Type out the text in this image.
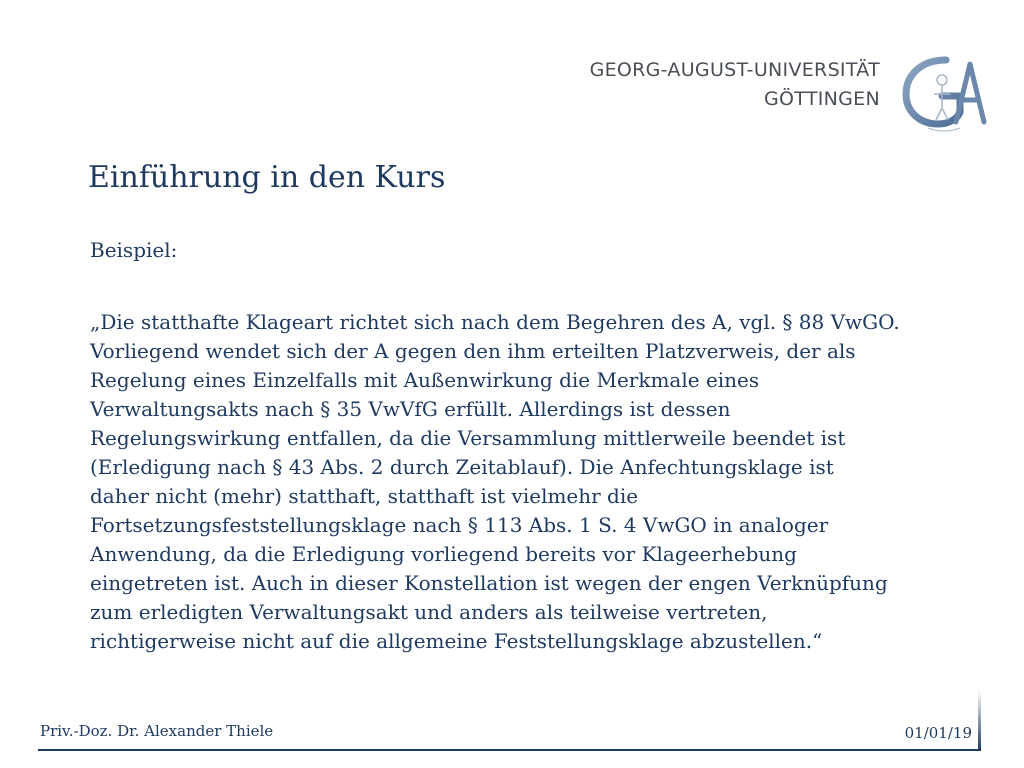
GEORG-AUGUST-UNIVERSITÄT
GÖTTINGEN
Einführung in den Kurs
Beispiel:
„Die statthafte Klageart richtet sich nach dem Begehren des A, vgl. § 88 VwGO.
Vorliegend wendet sich der A gegen den ihm erteilten Platzverweis, der als
Regelung eines Einzelfalls mit Außenwirkung die Merkmale eines
Verwaltungsakts nach § 35 VwVfG erfüllt. Allerdings ist dessen
Regelungswirkung entfallen, da die Versammlung mittlerweile beendet ist
(Erledigung nach § 43 Abs. 2 durch Zeitablauf). Die Anfechtungsklage ist
daher nicht (mehr) statthaft, statthaft ist vielmehr die
Fortsetzungsfeststellungsklage nach § 113 Abs. 1 S. 4 VwGO in analoger
Anwendung, da die Erledigung vorliegend bereits vor Klageerhebung
eingetreten ist. Auch in dieser Konstellation ist wegen der engen Verknüpfung
zum erledigten Verwaltungsakt und anders als teilweise vertreten,
richtigerweise nicht auf die allgemeine Feststellungsklage abzustellen.“
Priv.-Doz. Dr. Alexander Thiele	01/01/19
